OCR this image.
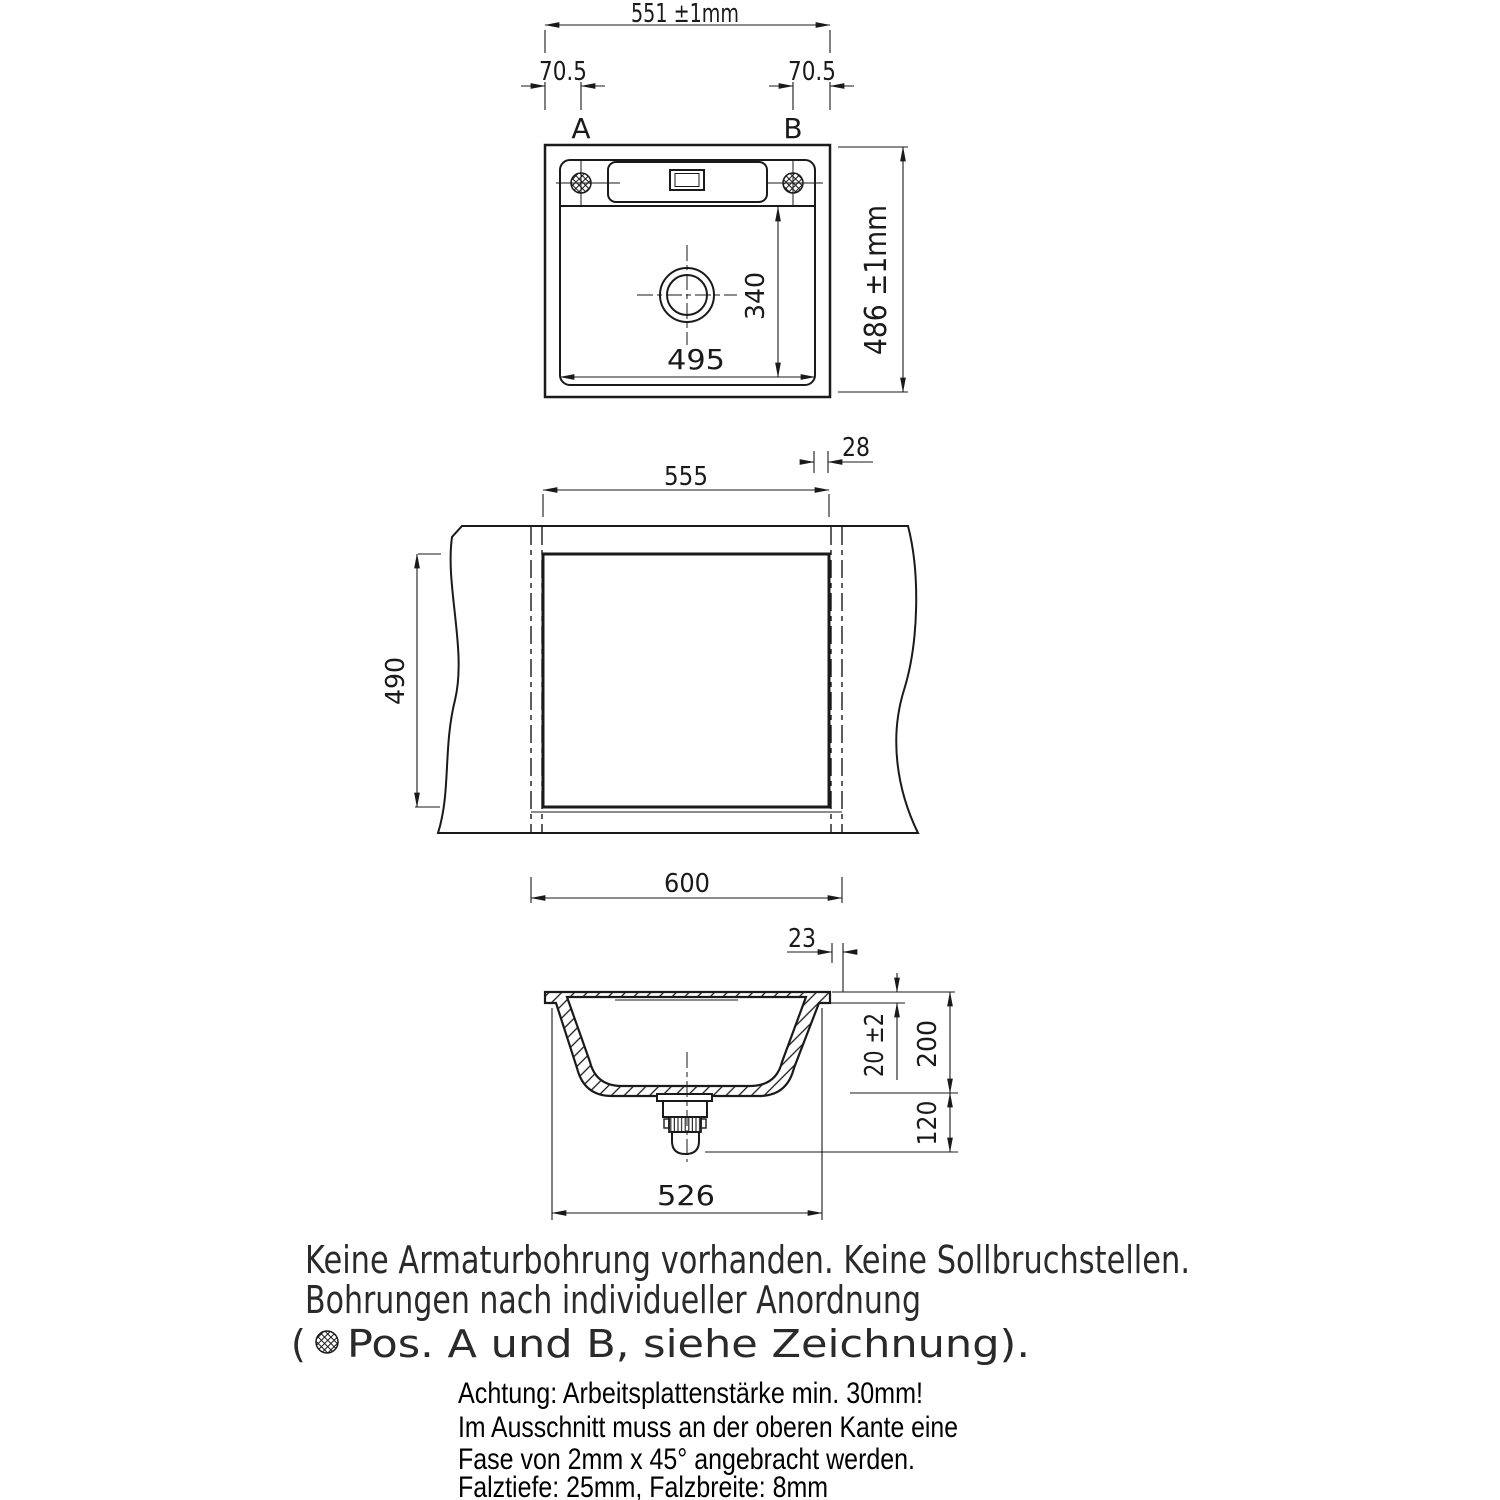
551 ±1mm
70.5	70.5
A	B
495
340	486 ±1mm
28
555
490
600
23
20 ±2 200
120
526
Keine Armaturbohrung vorhanden. Keine Sollbruchstellen.
Bohrungen nach individueller Anordnung
( Pos. A und B, siehe Zeichnung).
Achtung: Arbeitsplattenstärke min. 30mm!
Im Ausschnitt muss an der oberen Kante eine
Fase von 2mm x 45° angebracht werden.
Falztiefe: 25mm, Falzbreite: 8mm
